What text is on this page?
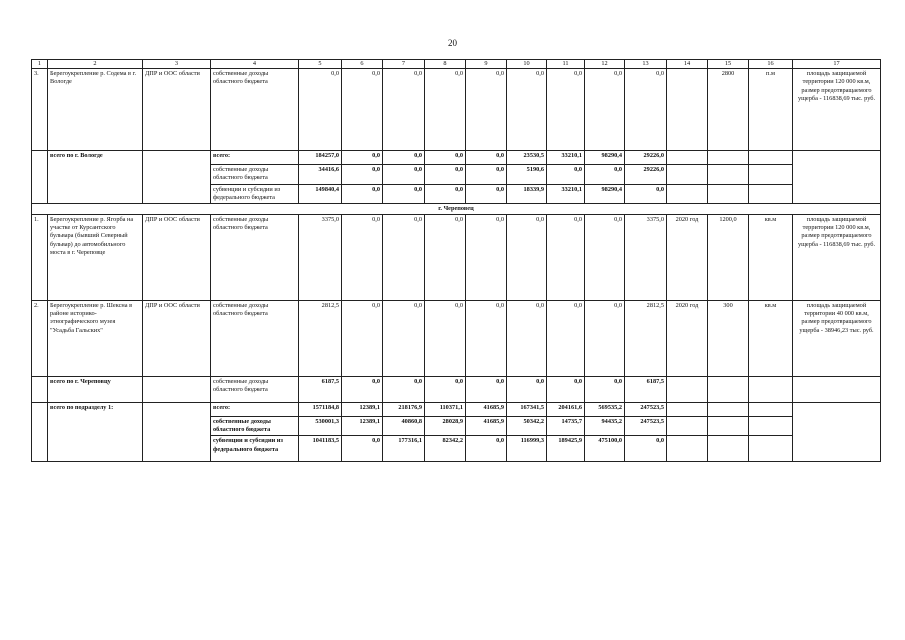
20
1	2	3	4	5	6	7	8	9	10	11	12	13	14	15	16	17
3.	Берегоукрепление р. Содема в г. Вологде	ДПР и ООС области	собственные доходы областного бюджета	0,0	0,0	0,0	0,0	0,0	0,0	0,0	0,0	0,0		2800	п.м	площадь защищаемой территории 120 000 кв.м, размер предотвращаемого ущерба - 116838,69 тыс. руб.
	всего по г. Вологде		всего:	184257,0	0,0	0,0	0,0	0,0	23530,5	33210,1	98290,4	29226,0				
			собственные доходы областного бюджета	34416,6	0,0	0,0	0,0	0,0	5190,6	0,0	0,0	29226,0				
			субвенции и субсидии из федерального бюджета	149840,4	0,0	0,0	0,0	0,0	18339,9	33210,1	98290,4	0,0				
г. Череповец																
1.	Берегоукрепление р. Ягорба на участке от Курсантского бульвара (бывший Северный бульвар) до автомобильного моста в г. Череповце	ДПР и ООС области	собственные доходы областного бюджета	3375,0	0,0	0,0	0,0	0,0	0,0	0,0	0,0	3375,0	2020 год	1200,0	кв.м	площадь защищаемой территории 120 000 кв.м, размер предотвращаемого ущерба - 116838,69 тыс. руб.
2.	Берегоукрепление р. Шексна в районе историко-этнографического музея "Усадьба Гальских"	ДПР и ООС области	собственные доходы областного бюджета	2812,5	0,0	0,0	0,0	0,0	0,0	0,0	0,0	2812,5	2020 год	300	кв.м	площадь защищаемой территории 40 000 кв.м, размер предотвращаемого ущерба - 38946,23 тыс. руб.
	всего по г. Череповцу		собственные доходы областного бюджета	6187,5	0,0	0,0	0,0	0,0	0,0	0,0	0,0	6187,5				
	всего по подразделу 1:		всего:	1571184,8	12389,1	218176,9	110371,1	41685,9	167341,5	204161,6	569535,2	247523,5				
			собственные доходы областного бюджета	530001,3	12389,1	40860,8	28028,9	41685,9	50342,2	14735,7	94435,2	247523,5				
			субвенции и субсидии из федерального бюджета	1041183,5	0,0	177316,1	82342,2	0,0	116999,3	189425,9	475100,0	0,0				
